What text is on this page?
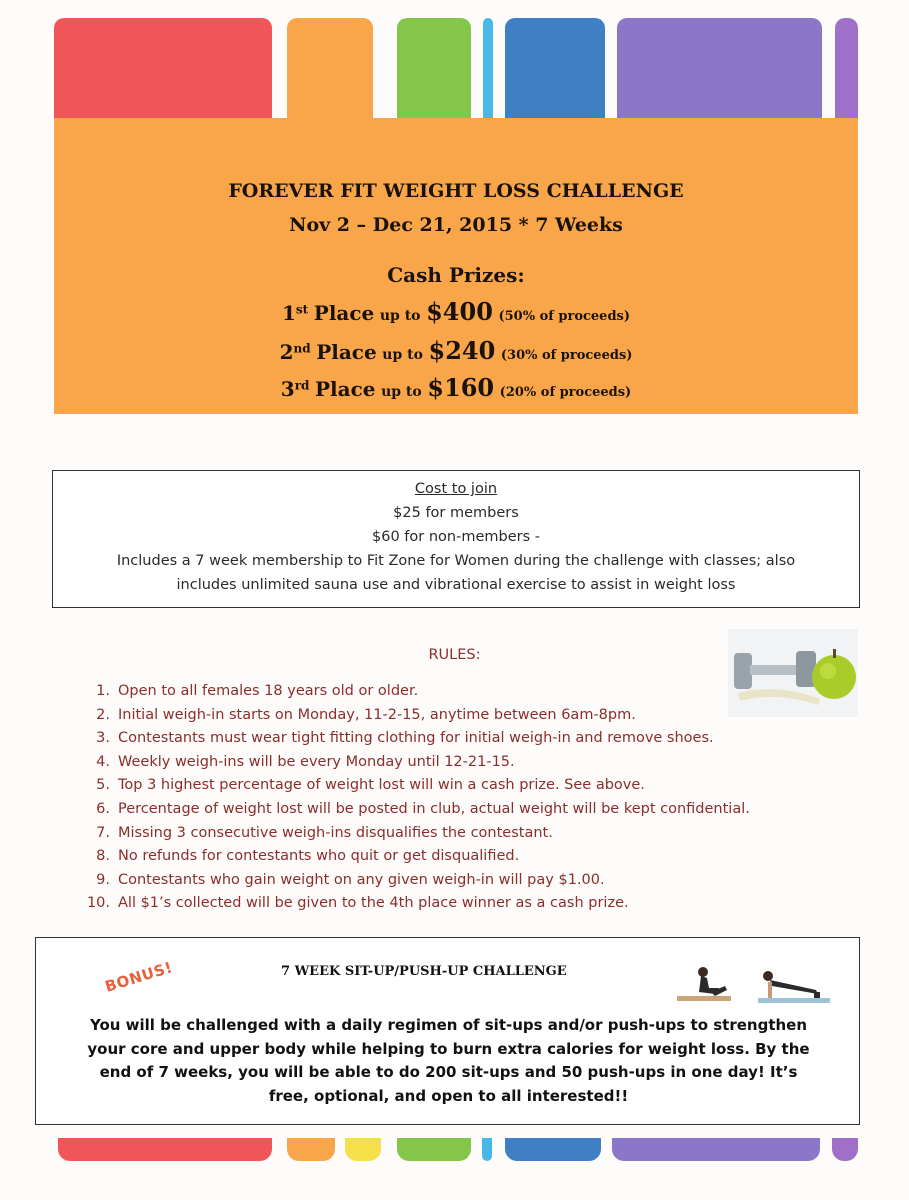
FOREVER FIT WEIGHT LOSS CHALLENGE
Nov 2 – Dec 21, 2015 * 7 Weeks
Cash Prizes:
1st Place up to $400 (50% of proceeds)
2nd Place up to $240 (30% of proceeds)
3rd Place up to $160 (20% of proceeds)
Cost to join
$25 for members
$60 for non-members -
Includes a 7 week membership to Fit Zone for Women during the challenge with classes; also
includes unlimited sauna use and vibrational exercise to assist in weight loss
RULES:
1. Open to all females 18 years old or older.
2. Initial weigh-in starts on Monday, 11-2-15, anytime between 6am-8pm.
3. Contestants must wear tight fitting clothing for initial weigh-in and remove shoes.
4. Weekly weigh-ins will be every Monday until 12-21-15.
5. Top 3 highest percentage of weight lost will win a cash prize. See above.
6. Percentage of weight lost will be posted in club, actual weight will be kept confidential.
7. Missing 3 consecutive weigh-ins disqualifies the contestant.
8. No refunds for contestants who quit or get disqualified.
9. Contestants who gain weight on any given weigh-in will pay $1.00.
10. All $1’s collected will be given to the 4th place winner as a cash prize.
BONUS!	7 WEEK SIT-UP/PUSH-UP CHALLENGE
You will be challenged with a daily regimen of sit-ups and/or push-ups to strengthen
your core and upper body while helping to burn extra calories for weight loss. By the
end of 7 weeks, you will be able to do 200 sit-ups and 50 push-ups in one day! It’s
free, optional, and open to all interested!!
